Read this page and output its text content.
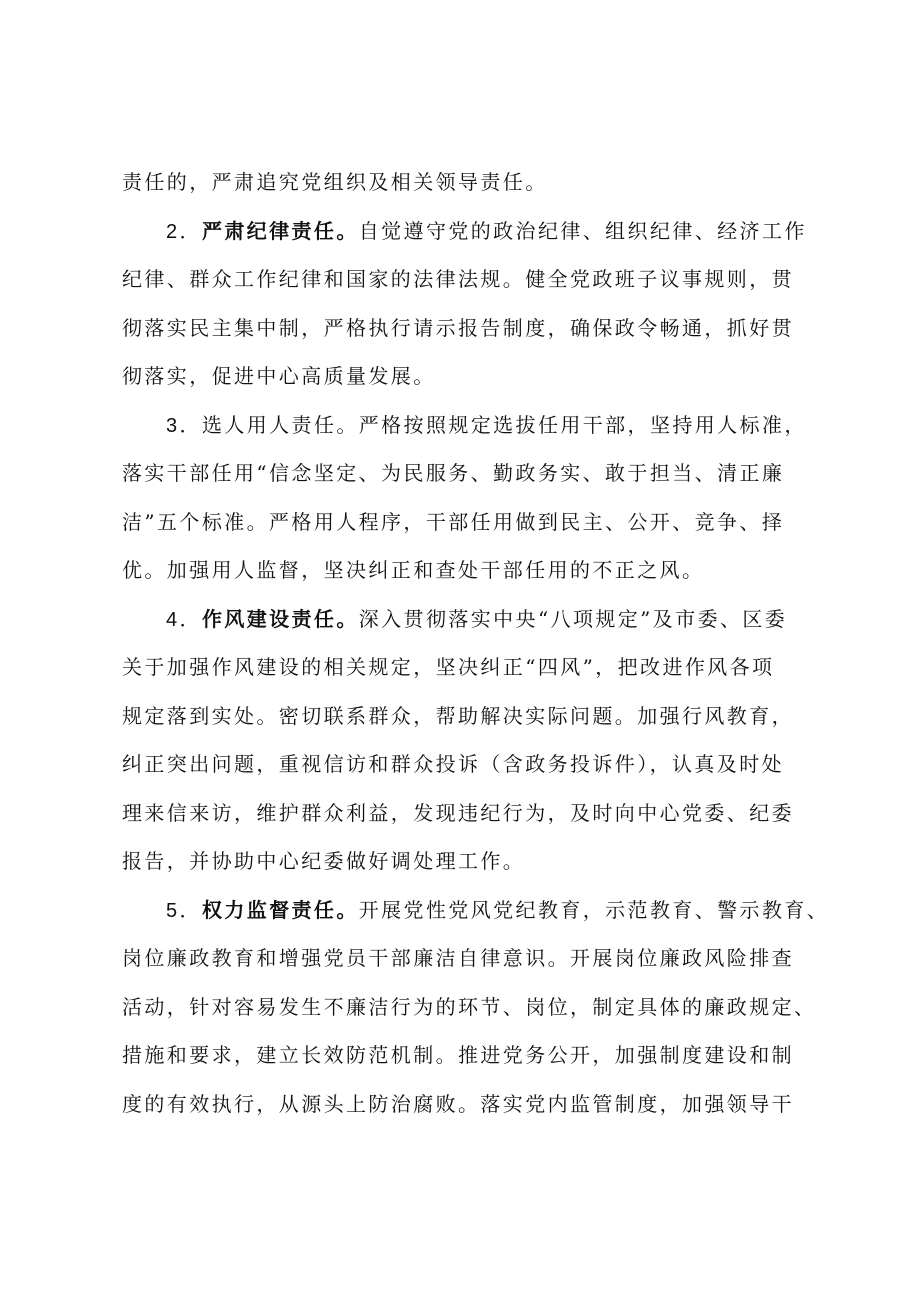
责任的，严肃追究党组织及相关领导责任。
2．严肃纪律责任。自觉遵守党的政治纪律、组织纪律、经济工作
纪律、群众工作纪律和国家的法律法规。健全党政班子议事规则，贯
彻落实民主集中制，严格执行请示报告制度，确保政令畅通，抓好贯
彻落实，促进中心高质量发展。
3．选人用人责任。严格按照规定选拔任用干部，坚持用人标准，
落实干部任用“信念坚定、为民服务、勤政务实、敢于担当、清正廉
洁”五个标准。严格用人程序，干部任用做到民主、公开、竞争、择
优。加强用人监督，坚决纠正和查处干部任用的不正之风。
4．作风建设责任。深入贯彻落实中央“八项规定”及市委、区委
关于加强作风建设的相关规定，坚决纠正“四风”，把改进作风各项
规定落到实处。密切联系群众，帮助解决实际问题。加强行风教育，
纠正突出问题，重视信访和群众投诉（含政务投诉件），认真及时处
理来信来访，维护群众利益，发现违纪行为，及时向中心党委、纪委
报告，并协助中心纪委做好调处理工作。
5．权力监督责任。开展党性党风党纪教育，示范教育、警示教育、
岗位廉政教育和增强党员干部廉洁自律意识。开展岗位廉政风险排查
活动，针对容易发生不廉洁行为的环节、岗位，制定具体的廉政规定、
措施和要求，建立长效防范机制。推进党务公开，加强制度建设和制
度的有效执行，从源头上防治腐败。落实党内监管制度，加强领导干
